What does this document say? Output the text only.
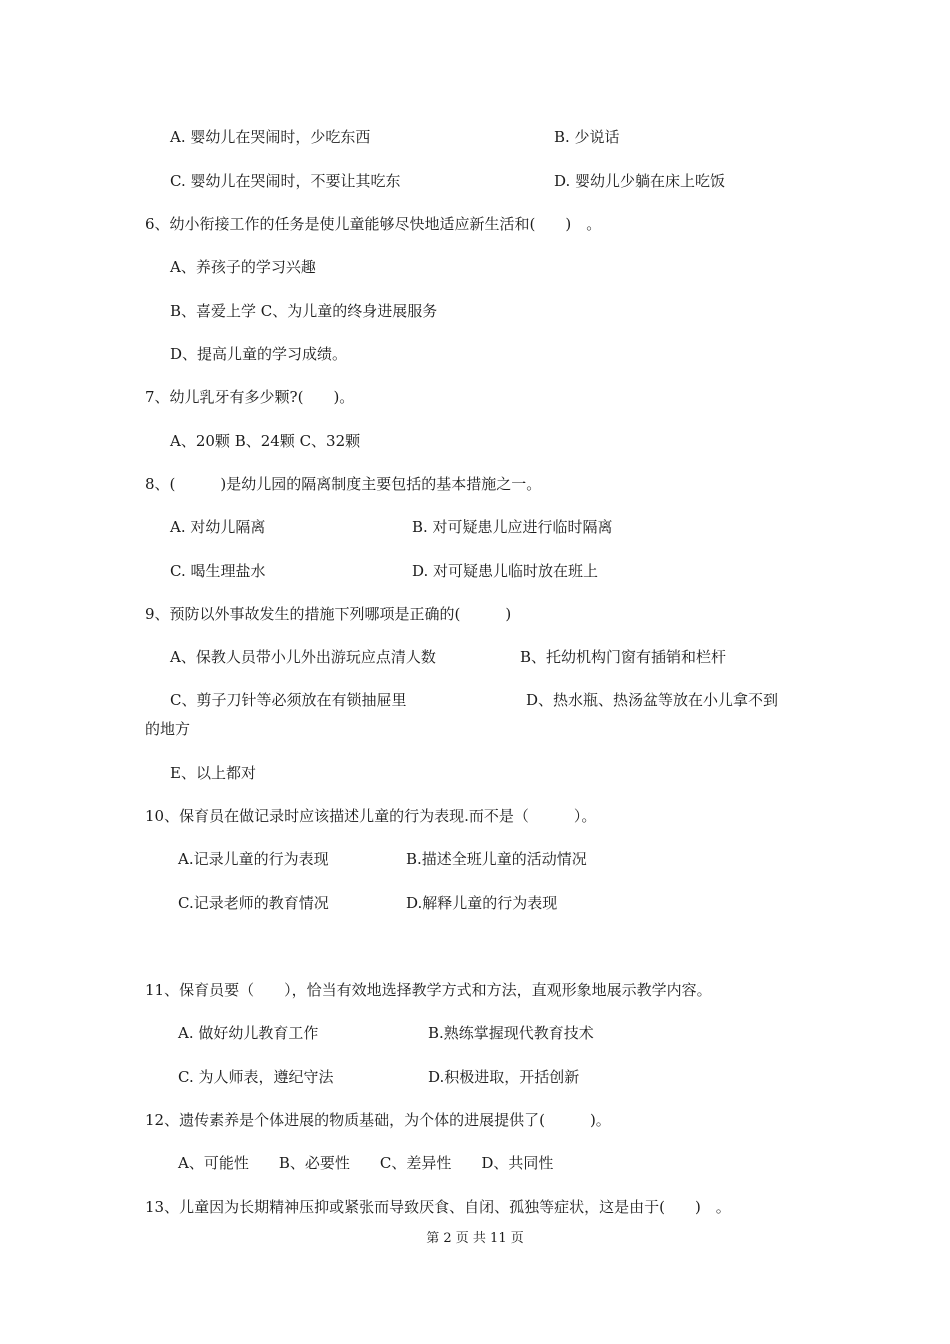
A. 婴幼儿在哭闹时，少吃东西	B. 少说话
C. 婴幼儿在哭闹时，不要让其吃东	D. 婴幼儿少躺在床上吃饭
6、幼小衔接工作的任务是使儿童能够尽快地适应新生活和(　　)　。
A、养孩子的学习兴趣
B、喜爱上学 C、为儿童的终身进展服务
D、提高儿童的学习成绩。
7、幼儿乳牙有多少颗?(　　)。
A、20颗 B、24颗 C、32颗
8、(　　　)是幼儿园的隔离制度主要包括的基本措施之一。
A. 对幼儿隔离	B. 对可疑患儿应进行临时隔离
C. 喝生理盐水	D. 对可疑患儿临时放在班上
9、预防以外事故发生的措施下列哪项是正确的(　　　)
A、保教人员带小儿外出游玩应点清人数	B、托幼机构门窗有插销和栏杆
C、剪子刀针等必须放在有锁抽屉里	D、热水瓶、热汤盆等放在小儿拿不到
的地方
E、以上都对
10、保育员在做记录时应该描述儿童的行为表现.而不是（　　　）。
A.记录儿童的行为表现	B.描述全班儿童的活动情况
C.记录老师的教育情况	D.解释儿童的行为表现
11、保育员要（　　），恰当有效地选择教学方式和方法，直观形象地展示教学内容。
A. 做好幼儿教育工作	B.熟练掌握现代教育技术
C. 为人师表，遵纪守法	D.积极进取，开括创新
12、遗传素养是个体进展的物质基础，为个体的进展提供了(　　　)。
A、可能性　　B、必要性　　C、差异性　　D、共同性
13、儿童因为长期精神压抑或紧张而导致厌食、自闭、孤独等症状，这是由于(　　)　。
第 2 页 共 11 页
